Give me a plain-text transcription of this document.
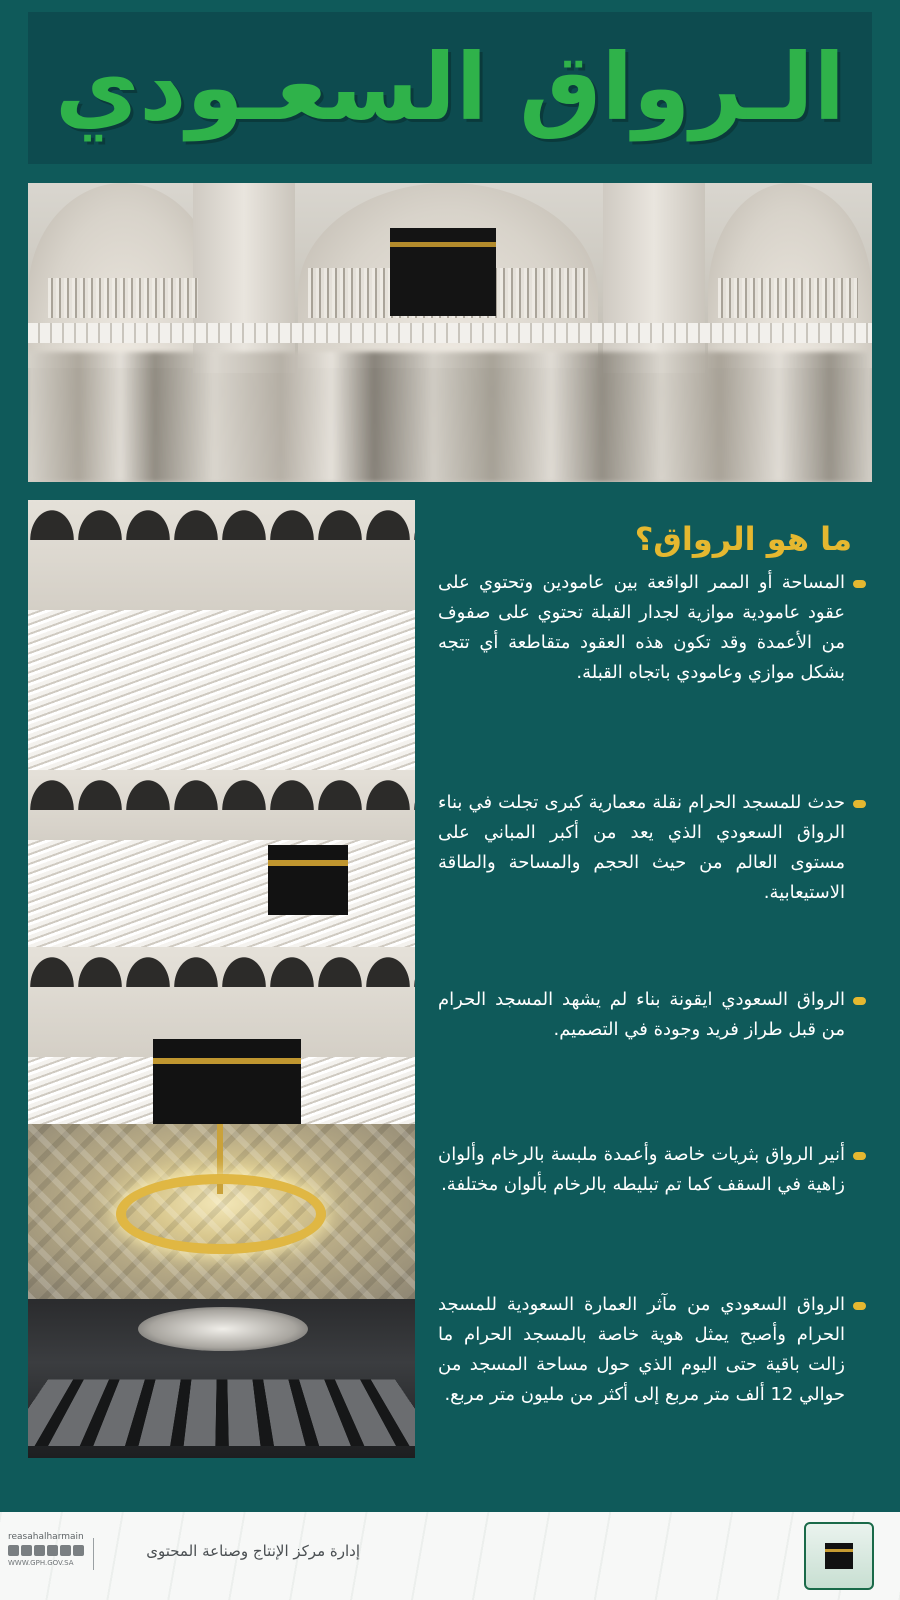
الـرواق السعـودي
ما هو الرواق؟

المساحة أو الممر الواقعة بين عامودين وتحتوي على عقود عامودية موازية لجدار القبلة تحتوي على صفوف من الأعمدة وقد تكون هذه العقود متقاطعة أي تتجه بشكل موازي وعامودي باتجاه القبلة.

حدث للمسجد الحرام نقلة معمارية كبرى تجلت في بناء الرواق السعودي الذي يعد من أكبر المباني على مستوى العالم من حيث الحجم والمساحة والطاقة الاستيعابية.

الرواق السعودي ايقونة بناء لم يشهد المسجد الحرام من قبل طراز فريد وجودة في التصميم.

أنير الرواق بثريات خاصة وأعمدة ملبسة بالرخام وألوان زاهية في السقف كما تم تبليطه بالرخام بألوان مختلفة.

الرواق السعودي من مآثر العمارة السعودية للمسجد الحرام وأصبح يمثل هوية خاصة بالمسجد الحرام ما زالت باقية حتى اليوم الذي حول مساحة المسجد من حوالي 12 ألف متر مربع إلى أكثر من مليون متر مربع.

إدارة مركز الإنتاج وصناعة المحتوى
reasahalharmain
WWW.GPH.GOV.SA
